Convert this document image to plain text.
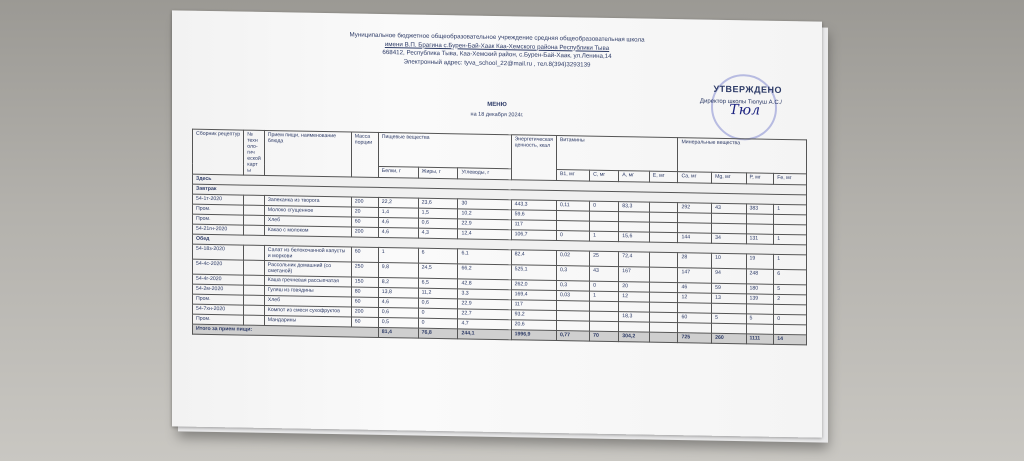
Муниципальное бюджетное общеобразовательное учреждение средняя общеобразовательная школа
имени В.П. Брагина с.Бурен-Бай-Хаак Каа-Хемского района Республики Тыва
668412, Республика Тыва, Каа-Хемский район, с.Бурен-Бай-Хаак, ул.Ленина,14
Электронный адрес: tyva_school_22@mail.ru , тел.8(394)3293139
Тюл
УТВЕРЖДЕНО
Директор школы Тюлуш А.С./
МЕНЮ
на 18 декабря 2024г.
Сборник рецептур	№ техн оло-гич еской карт ы	Прием пищи, наименование блюда	Масса порции	Пищевые вещества			Энергетическая ценность, ккал	Витамины				Минеральные вещества			
				Белки, г	Жиры, г	Углеводы, г		В1, мг	С, мг	А, мг	Е, мг	Ca, мг	Mg, мг	P, мг	Fe, мг
Здесь															
Завтрак															
54-1т-2020		Запеканка из творога	200	22,2	23,6	30	443,3	0,11	0	83,3		292	43	383	1
Пром.		Молоко сгущенное	20	1,4	1,5	10,2	59,6								
Пром.		Хлеб	60	4,6	0,6	22,9	117								
54-21гн-2020		Какао с молоком	200	4,6	4,3	12,4	106,7	0	1	15,6		144	34	131	1
Обед															
54-18з-2020		Салат из белокочанной капусты и моркови	60	1	6	6,1	82,4	0,02	25	72,4		28	10	19	1
54-4с-2020		Рассольник домашний (со сметаной)	250	9,8	24,5	66,2	525,1	0,3	43	167		147	94	248	6
54-4г-2020		Каша гречневая рассыпчатая	150	8,2	6,5	42,8	262,0	0,3	0	20		46	59	180	5
54-2м-2020		Гуляш из говядины	80	13,8	11,2	3,3	169,4	0,03	1	12		12	13	139	2
Пром.		Хлеб	60	4,6	0,6	22,9	117								
54-7хн-2020		Компот из смеси сухофруктов	200	0,6	0	22,7	93,2			18,3		60	5	5	0
Пром.		Мандарины	60	0,5	0	4,7	20,6								
Итого за прием пищи:				81,4	76,8	244,1	1996,9	0,77	70	304,2		725	260	1111	14
